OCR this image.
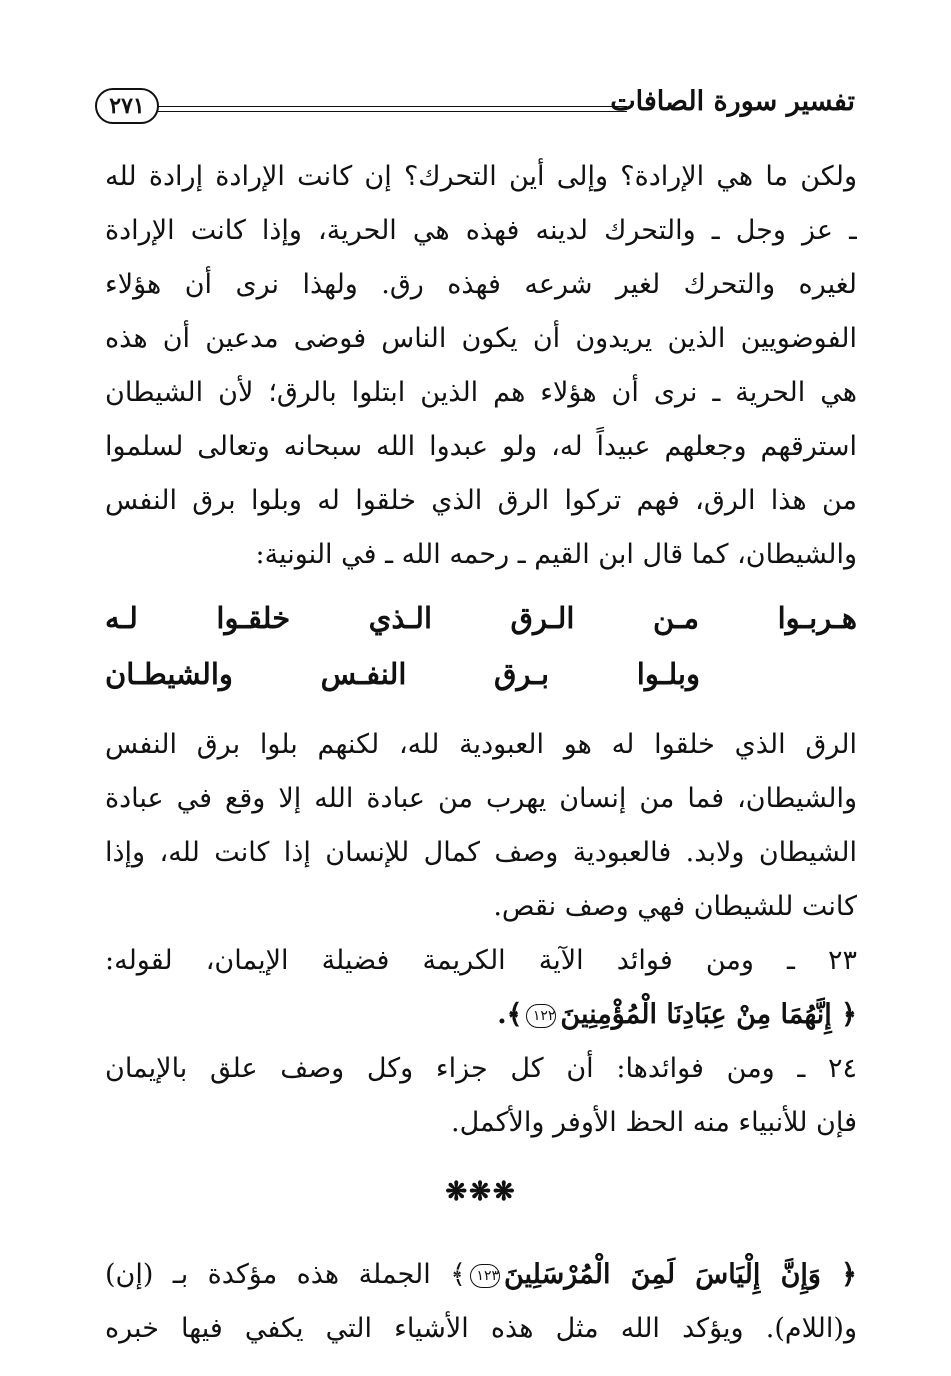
تفسير سورة الصافات
٢٧١
ولكن ما هي الإرادة؟ وإلى أين التحرك؟ إن كانت الإرادة إرادة لله
ـ عز وجل ـ والتحرك لدينه فهذه هي الحرية، وإذا كانت الإرادة
لغيره والتحرك لغير شرعه فهذه رق. ولهذا نرى أن هؤلاء
الفوضويين الذين يريدون أن يكون الناس فوضى مدعين أن هذه
هي الحرية ـ نرى أن هؤلاء هم الذين ابتلوا بالرق؛ لأن الشيطان
استرقهم وجعلهم عبيداً له، ولو عبدوا الله سبحانه وتعالى لسلموا
من هذا الرق، فهم تركوا الرق الذي خلقوا له وبلوا برق النفس
والشيطان، كما قال ابن القيم ـ رحمه الله ـ في النونية:
هـربـوا مـن الـرق الـذي خلقـوا لـه
وبلـوا بـرق النفـس والشيطـان
الرق الذي خلقوا له هو العبودية لله، لكنهم بلوا برق النفس
والشيطان، فما من إنسان يهرب من عبادة الله إلا وقع في عبادة
الشيطان ولابد. فالعبودية وصف كمال للإنسان إذا كانت لله، وإذا
كانت للشيطان فهي وصف نقص.
٢٣ ـ ومن فوائد الآية الكريمة فضيلة الإيمان، لقوله:
﴿ إِنَّهُمَا مِنْ عِبَادِنَا الْمُؤْمِنِينَ١٢٢﴾.
٢٤ ـ ومن فوائدها: أن كل جزاء وكل وصف علق بالإيمان
فإن للأنبياء منه الحظ الأوفر والأكمل.
❋❋❋
﴿ وَإِنَّ إِلْيَاسَ لَمِنَ الْمُرْسَلِينَ١٢٣﴾ الجملة هذه مؤكدة بـ (إن)
و(اللام). ويؤكد الله مثل هذه الأشياء التي يكفي فيها خبره
